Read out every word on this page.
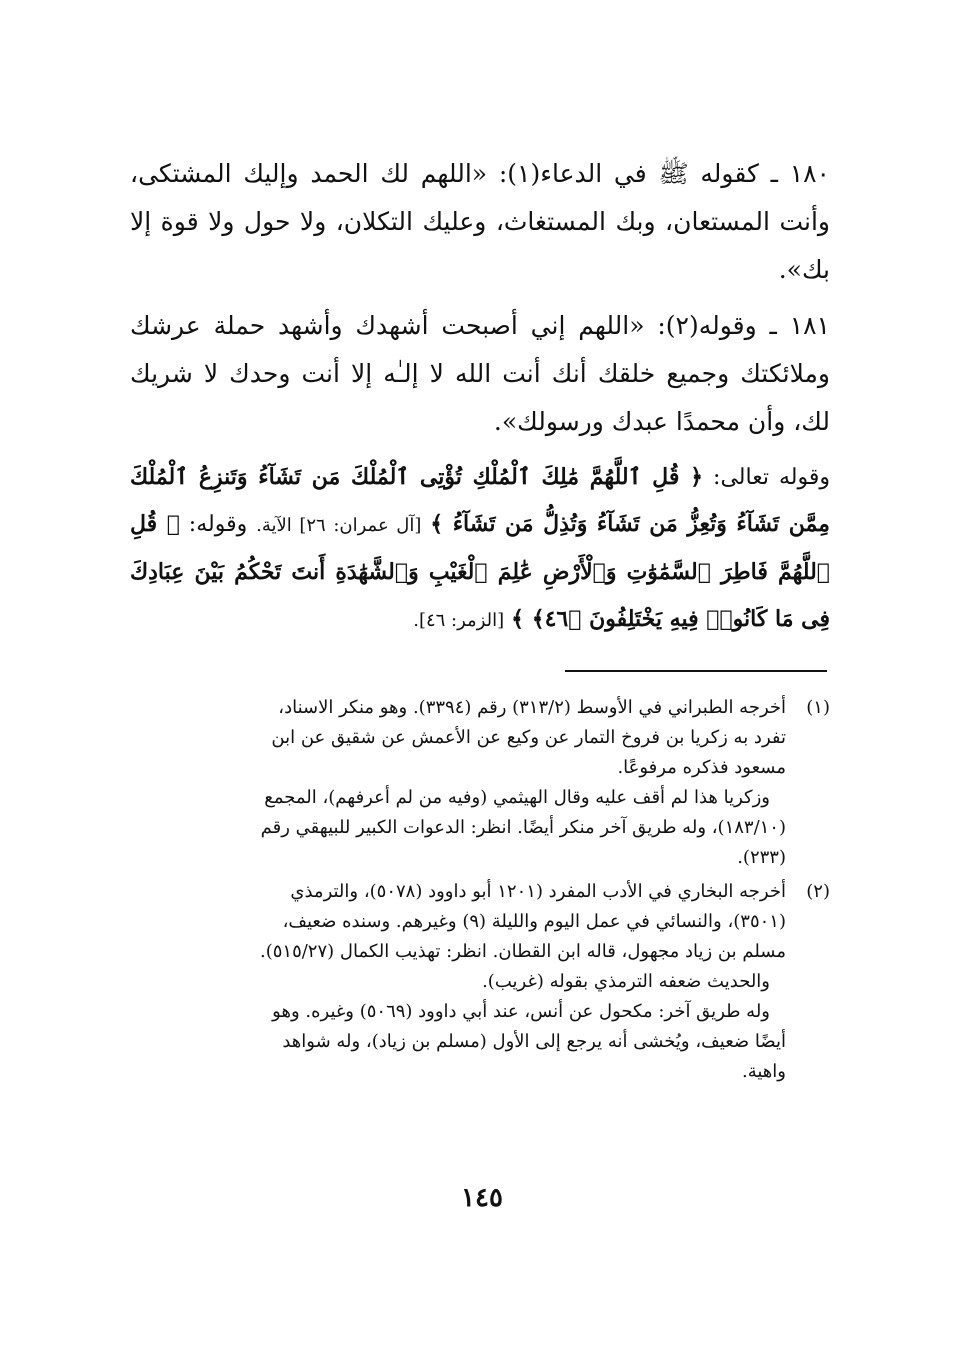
١٨٠ ـ كقوله ﷺ في الدعاء(١): «اللهم لك الحمد وإليك المشتكى، وأنت المستعان، وبك المستغاث، وعليك التكلان، ولا حول ولا قوة إلا بك».

١٨١ ـ وقوله(٢): «اللهم إني أصبحت أشهدك وأشهد حملة عرشك وملائكتك وجميع خلقك أنك أنت الله لا إلـٰه إلا أنت وحدك لا شريك لك، وأن محمدًا عبدك ورسولك».

وقوله تعالى: ﴿ قُلِ ٱللَّهُمَّ مَٰلِكَ ٱلْمُلْكِ تُؤْتِى ٱلْمُلْكَ مَن تَشَآءُ وَتَنزِعُ ٱلْمُلْكَ مِمَّن تَشَآءُ وَتُعِزُّ مَن تَشَآءُ وَتُذِلُّ مَن تَشَآءُ ﴾ [آل عمران: ٢٦] الآية. وقوله: ﴿ قُلِ ٱللَّهُمَّ فَاطِرَ ٱلسَّمَٰوَٰتِ وَٱلْأَرْضِ عَٰلِمَ ٱلْغَيْبِ وَٱلشَّهَٰدَةِ أَنتَ تَحْكُمُ بَيْنَ عِبَادِكَ فِى مَا كَانُوا۟ فِيهِ يَخْتَلِفُونَ ﴿٤٦﴾ ﴾ [الزمر: ٤٦].

(١)

أخرجه الطبراني في الأوسط (٣١٣/٢) رقم (٣٣٩٤). وهو منكر الاسناد،

تفرد به زكريا بن فروخ التمار عن وكيع عن الأعمش عن شقيق عن ابن

مسعود فذكره مرفوعًا.

وزكريا هذا لم أقف عليه وقال الهيثمي (وفيه من لم أعرفهم)، المجمع

(١٨٣/١٠)، وله طريق آخر منكر أيضًا. انظر: الدعوات الكبير للبيهقي رقم

(٢٣٣).

(٢)

أخرجه البخاري في الأدب المفرد (١٢٠١ أبو داوود (٥٠٧٨)، والترمذي

(٣٥٠١)، والنسائي في عمل اليوم والليلة (٩) وغيرهم. وسنده ضعيف،

مسلم بن زياد مجهول، قاله ابن القطان. انظر: تهذيب الكمال (٥١٥/٢٧).

والحديث ضعفه الترمذي بقوله (غريب).

وله طريق آخر: مكحول عن أنس، عند أبي داوود (٥٠٦٩) وغيره. وهو

أيضًا ضعيف، ويُخشى أنه يرجع إلى الأول (مسلم بن زياد)، وله شواهد

واهية.

١٤٥
